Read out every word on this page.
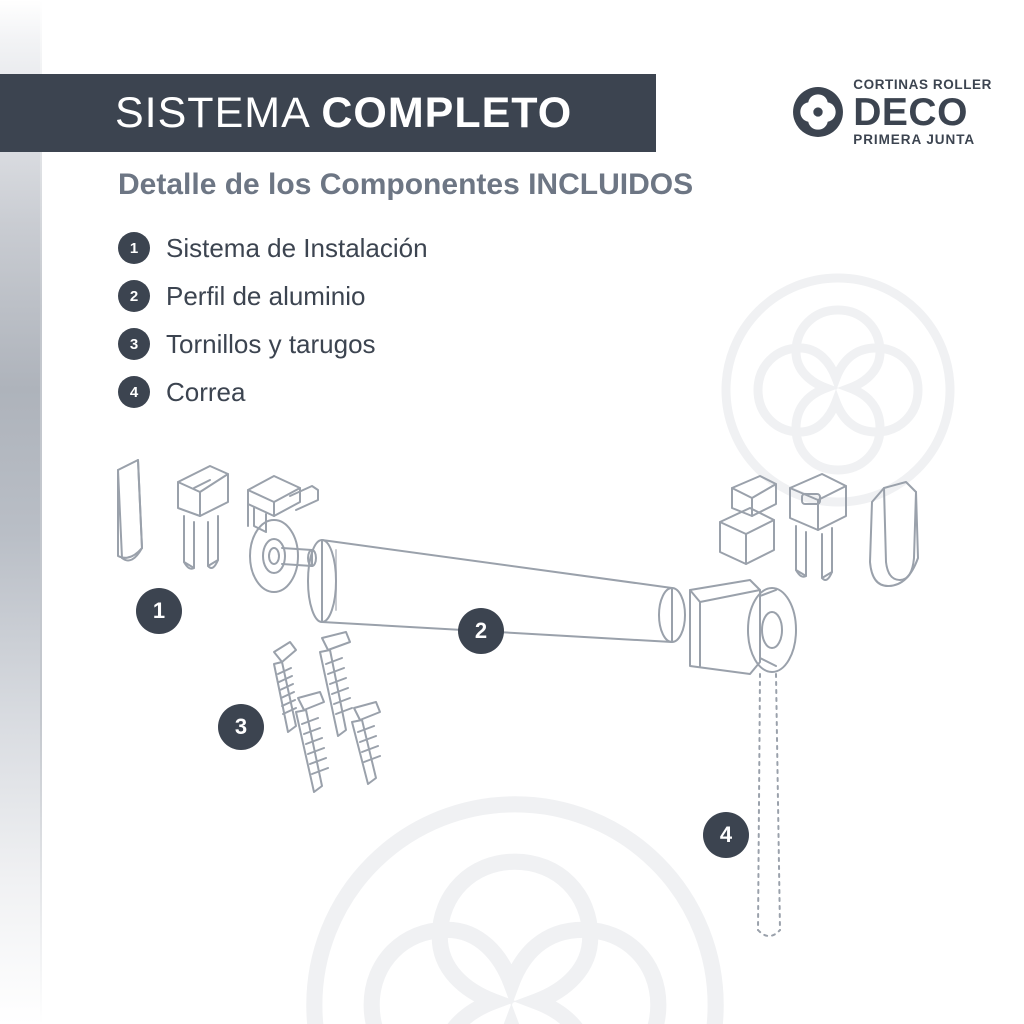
SISTEMA COMPLETO
CORTINAS ROLLER
DECO
PRIMERA JUNTA
Detalle de los Componentes INCLUIDOS
1	Sistema de Instalación
2	Perfil de aluminio
3	Tornillos y tarugos
4	Correa
1
2
3
4
